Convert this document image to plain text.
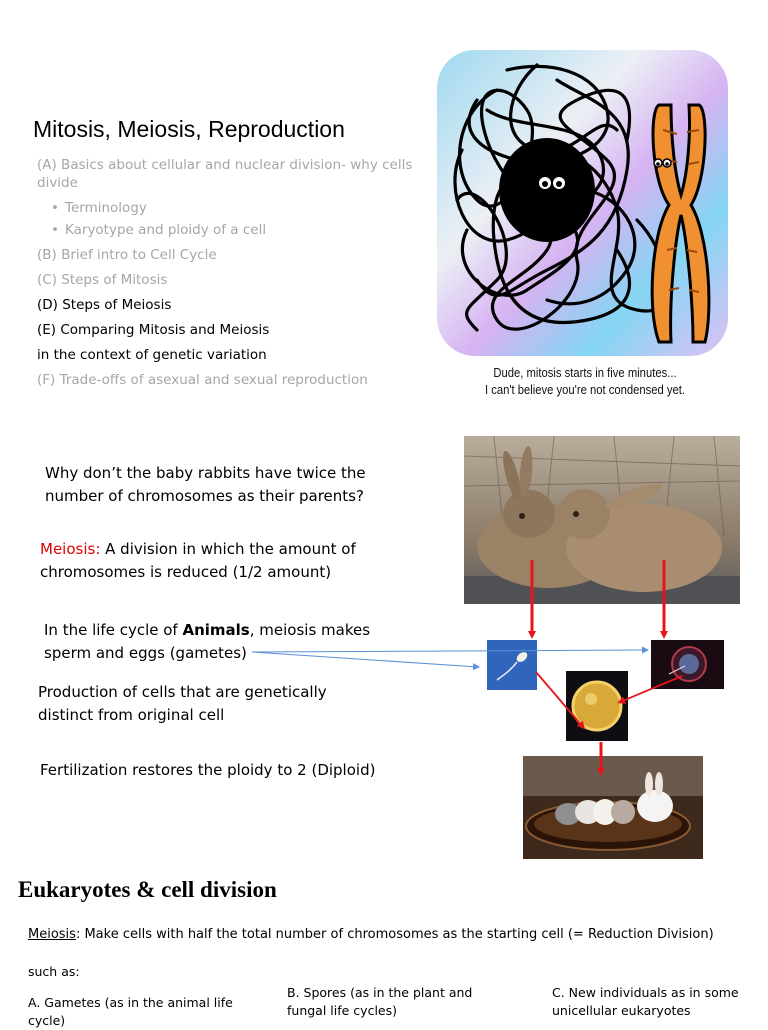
Mitosis, Meiosis, Reproduction
(A) Basics about cellular and nuclear division- why cells divide
• Terminology
• Karyotype and ploidy of a cell
(B) Brief intro to Cell Cycle
(C) Steps of Mitosis
(D) Steps of Meiosis
(E) Comparing Mitosis and Meiosis
in the context of genetic variation
(F) Trade-offs of asexual and sexual reproduction	Dude, mitosis starts in five minutes...
I can't believe you're not condensed yet.
Why don’t the baby rabbits have twice the number of chromosomes as their parents?
Meiosis: A division in which the amount of chromosomes is reduced (1/2 amount)
In the life cycle of Animals, meiosis makes sperm and eggs (gametes)
Production of cells that are genetically distinct from original cell
Fertilization restores the ploidy to 2 (Diploid)
Eukaryotes & cell division
Meiosis: Make cells with half the total number of chromosomes as the starting cell (= Reduction Division)
such as:
A. Gametes (as in the animal life cycle)
B. Spores (as in the plant and fungal life cycles)
C. New individuals as in some unicellular eukaryotes
